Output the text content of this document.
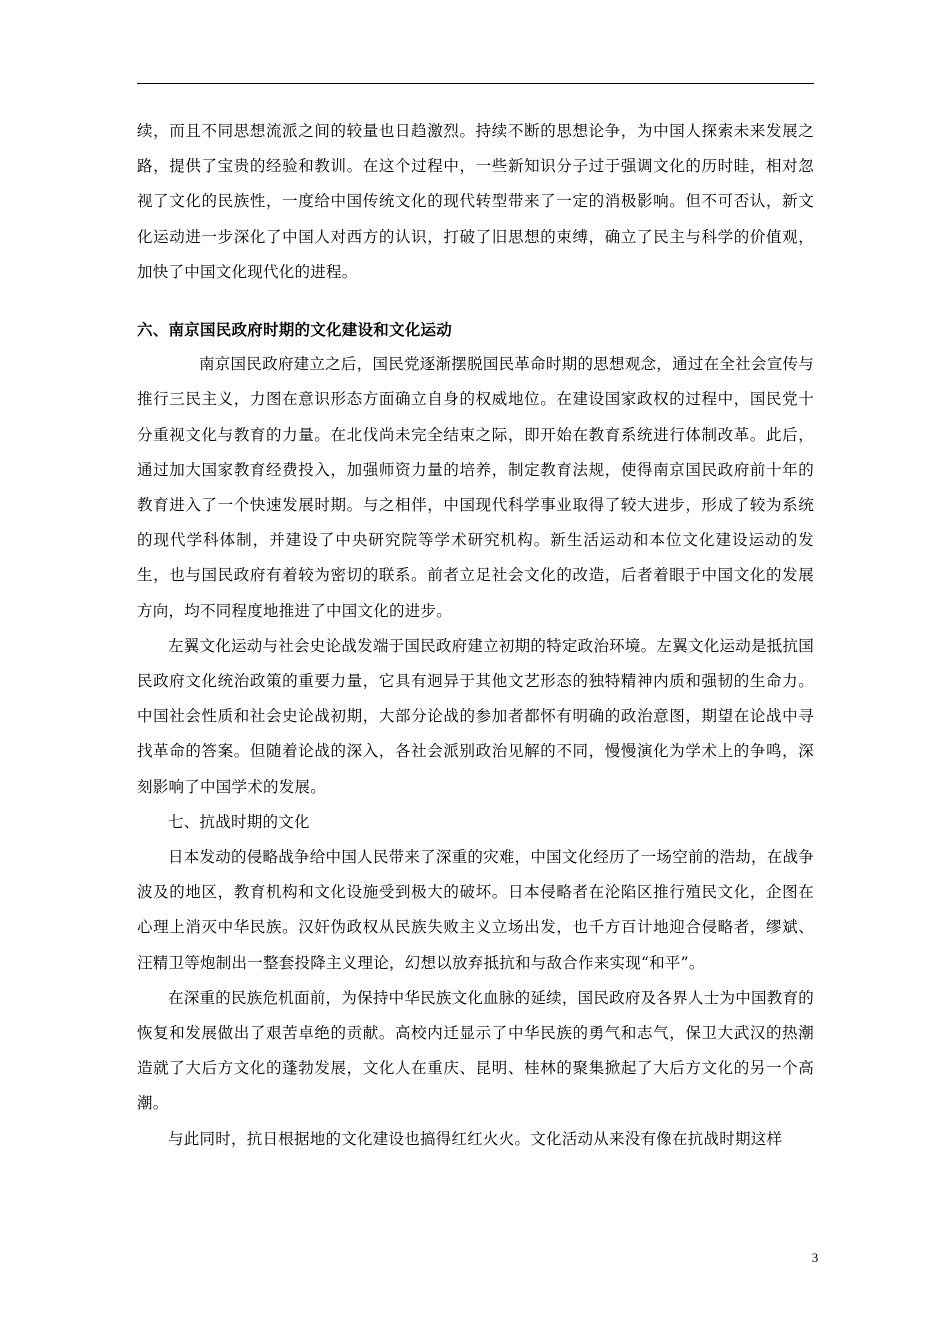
续，而且不同思想流派之间的较量也日趋激烈。持续不断的思想论争，为中国人探索未来发展之路，提供了宝贵的经验和教训。在这个过程中，一些新知识分子过于强调文化的历时眭，相对忽视了文化的民族性，一度给中国传统文化的现代转型带来了一定的消极影响。但不可否认，新文化运动进一步深化了中国人对西方的认识，打破了旧思想的束缚，确立了民主与科学的价值观，加快了中国文化现代化的进程。

六、南京国民政府时期的文化建设和文化运动

南京国民政府建立之后，国民党逐渐摆脱国民革命时期的思想观念，通过在全社会宣传与推行三民主义，力图在意识形态方面确立自身的权威地位。在建设国家政权的过程中，国民党十分重视文化与教育的力量。在北伐尚未完全结束之际，即开始在教育系统进行体制改革。此后，通过加大国家教育经费投入，加强师资力量的培养，制定教育法规，使得南京国民政府前十年的教育进入了一个快速发展时期。与之相伴，中国现代科学事业取得了较大进步，形成了较为系统的现代学科体制，并建设了中央研究院等学术研究机构。新生活运动和本位文化建设运动的发生，也与国民政府有着较为密切的联系。前者立足社会文化的改造，后者着眼于中国文化的发展方向，均不同程度地推进了中国文化的进步。

左翼文化运动与社会史论战发端于国民政府建立初期的特定政治环境。左翼文化运动是抵抗国民政府文化统治政策的重要力量，它具有迥异于其他文艺形态的独特精神内质和强韧的生命力。中国社会性质和社会史论战初期，大部分论战的参加者都怀有明确的政治意图，期望在论战中寻找革命的答案。但随着论战的深入，各社会派别政治见解的不同，慢慢演化为学术上的争鸣，深刻影响了中国学术的发展。

七、抗战时期的文化

日本发动的侵略战争给中国人民带来了深重的灾难，中国文化经历了一场空前的浩劫，在战争波及的地区，教育机构和文化设施受到极大的破坏。日本侵略者在沦陷区推行殖民文化，企图在心理上消灭中华民族。汉奸伪政权从民族失败主义立场出发，也千方百计地迎合侵略者，缪斌、汪精卫等炮制出一整套投降主义理论，幻想以放弃抵抗和与敌合作来实现“和平”。

在深重的民族危机面前，为保持中华民族文化血脉的延续，国民政府及各界人士为中国教育的恢复和发展做出了艰苦卓绝的贡献。高校内迁显示了中华民族的勇气和志气，保卫大武汉的热潮造就了大后方文化的蓬勃发展，文化人在重庆、昆明、桂林的聚集掀起了大后方文化的另一个高潮。

与此同时，抗日根据地的文化建设也搞得红红火火。文化活动从来没有像在抗战时期这样

3
